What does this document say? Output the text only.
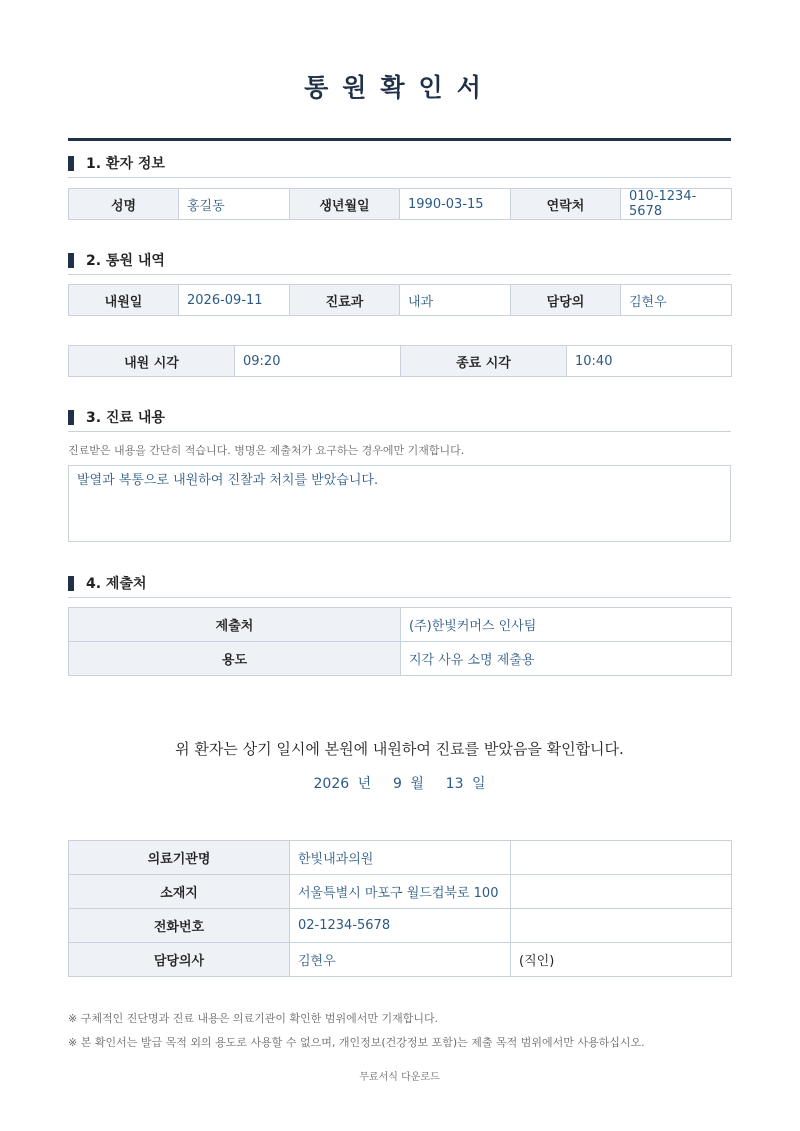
통원확인서
1. 환자 정보
성명	홍길동	생년월일	1990-03-15	연락처	010-1234-5678
2. 통원 내역
내원일	2026-09-11	진료과	내과	담당의	김현우
내원 시각	09:20	종료 시각	10:40
3. 진료 내용
진료받은 내용을 간단히 적습니다. 병명은 제출처가 요구하는 경우에만 기재합니다.
발열과 복통으로 내원하여 진찰과 처치를 받았습니다.
4. 제출처
제출처	(주)한빛커머스 인사팀
용도	지각 사유 소명 제출용
위 환자는 상기 일시에 본원에 내원하여 진료를 받았음을 확인합니다.
2026 년 9 월 13 일
의료기관명	한빛내과의원	
소재지	서울특별시 마포구 월드컵북로 100	
전화번호	02-1234-5678	
담당의사	김현우	(직인)
※ 구체적인 진단명과 진료 내용은 의료기관이 확인한 범위에서만 기재합니다.
※ 본 확인서는 발급 목적 외의 용도로 사용할 수 없으며, 개인정보(건강정보 포함)는 제출 목적 범위에서만 사용하십시오.
무료서식 다운로드
